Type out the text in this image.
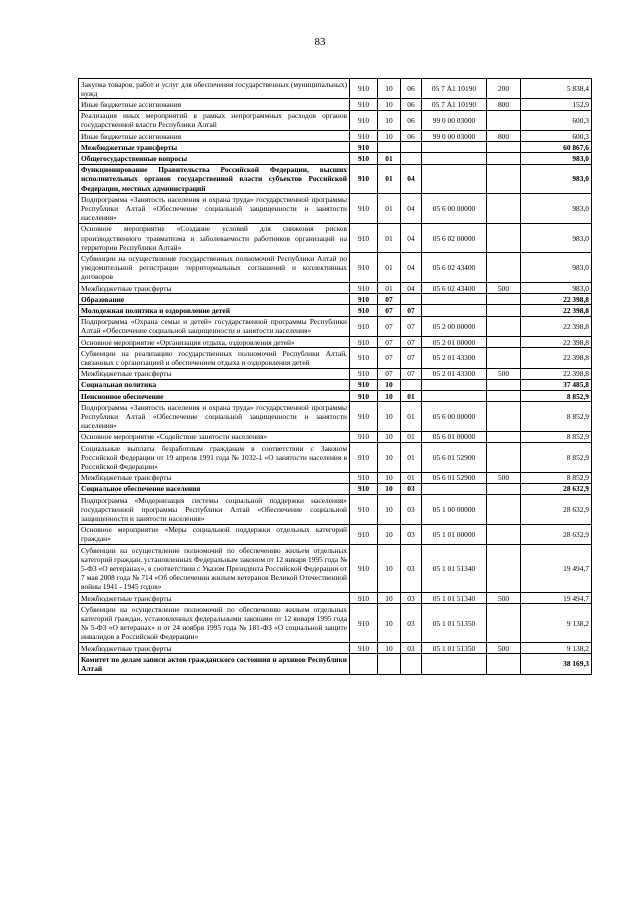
83
Закупка товаров, работ и услуг для обеспечения государственных (муниципальных) нужд	910	10	06	05 7 А1 10190	200	5 838,4
Иные бюджетные ассигнования	910	10	06	05 7 А1 10190	800	152,9
Реализация иных мероприятий в рамках непрограммных расходов органов государственной власти Республики Алтай	910	10	06	99 0 00 03000		600,3
Иные бюджетные ассигнования	910	10	06	99 0 00 03000	800	600,3
Межбюджетные трансферты	910					60 867,6
Общегосударственные вопросы	910	01				983,0
Функционирование Правительства Российской Федерации, высших исполнительных органов государственной власти субъектов Российской Федерации, местных администраций	910	01	04			983,0
Подпрограмма «Занятость населения и охрана труда» государственной программы Республики Алтай «Обеспечение социальной защищенности и занятости населения»	910	01	04	05 6 00 00000		983,0
Основное мероприятие «Создание условий для снижения рисков производственного травматизма и заболеваемости работников организаций на территории Республики Алтай»	910	01	04	05 6 02 00000		983,0
Субвенции на осуществление государственных полномочий Республики Алтай по уведомительной регистрации территориальных соглашений и коллективных договоров	910	01	04	05 6 02 43400		983,0
Межбюджетные трансферты	910	01	04	05 6 02 43400	500	983,0
Образование	910	07				22 398,8
Молодежная политика и оздоровление детей	910	07	07			22 398,8
Подпрограмма «Охрана семьи и детей» государственной программы Республики Алтай «Обеспечение социальной защищенности и занятости населения»	910	07	07	05 2 00 00000		22 398,8
Основное мероприятие «Организация отдыха, оздоровления детей»	910	07	07	05 2 01 00000		22 398,8
Субвенции на реализацию государственных полномочий Республики Алтай, связанных с организацией и обеспечением отдыха и оздоровления детей	910	07	07	05 2 01 43300		22 398,8
Межбюджетные трансферты	910	07	07	05 2 01 43300	500	22 398,8
Социальная политика	910	10				37 485,8
Пенсионное обеспечение	910	10	01			8 852,9
Подпрограмма «Занятость населения и охрана труда» государственной программы Республики Алтай «Обеспечение социальной защищенности и занятости населения»	910	10	01	05 6 00 00000		8 852,9
Основное мероприятие «Содействие занятости населения»	910	10	01	05 6 01 00000		8 852,9
Социальные выплаты безработным гражданам в соответствии с Законом Российской Федерации от 19 апреля 1991 года № 1032-1 «О занятости населения в Российской Федерации»	910	10	01	05 6 01 52900		8 852,9
Межбюджетные трансферты	910	10	01	05 6 01 52900	500	8 852,9
Социальное обеспечение населения	910	10	03			28 632,9
Подпрограмма «Модернизация системы социальной поддержки населения» государственной программы Республики Алтай «Обеспечение социальной защищенности и занятости населения»	910	10	03	05 1 00 00000		28 632,9
Основное мероприятие «Меры социальной поддержки отдельных категорий граждан»	910	10	03	05 1 01 00000		28 632,9
Субвенции на осуществление полномочий по обеспечению жильем отдельных категорий граждан, установленных Федеральным законом от 12 января 1995 года № 5-ФЗ «О ветеранах», в соответствии с Указом Президента Российской Федерации от 7 мая 2008 года № 714 «Об обеспечении жильем ветеранов Великой Отечественной войны 1941 - 1945 годов»	910	10	03	05 1 01 51340		19 494,7
Межбюджетные трансферты	910	10	03	05 1 01 51340	500	19 494,7
Субвенции на осуществление полномочий по обеспечению жильем отдельных категорий граждан, установленных федеральными законами от 12 января 1995 года № 5-ФЗ «О ветеранах» и от 24 ноября 1995 года № 181-ФЗ «О социальной защите инвалидов в Российской Федерации»	910	10	03	05 1 01 51350		9 138,2
Межбюджетные трансферты	910	10	03	05 1 01 51350	500	9 138,2
Комитет по делам записи актов гражданского состояния и архивов Республики Алтай						38 169,3
